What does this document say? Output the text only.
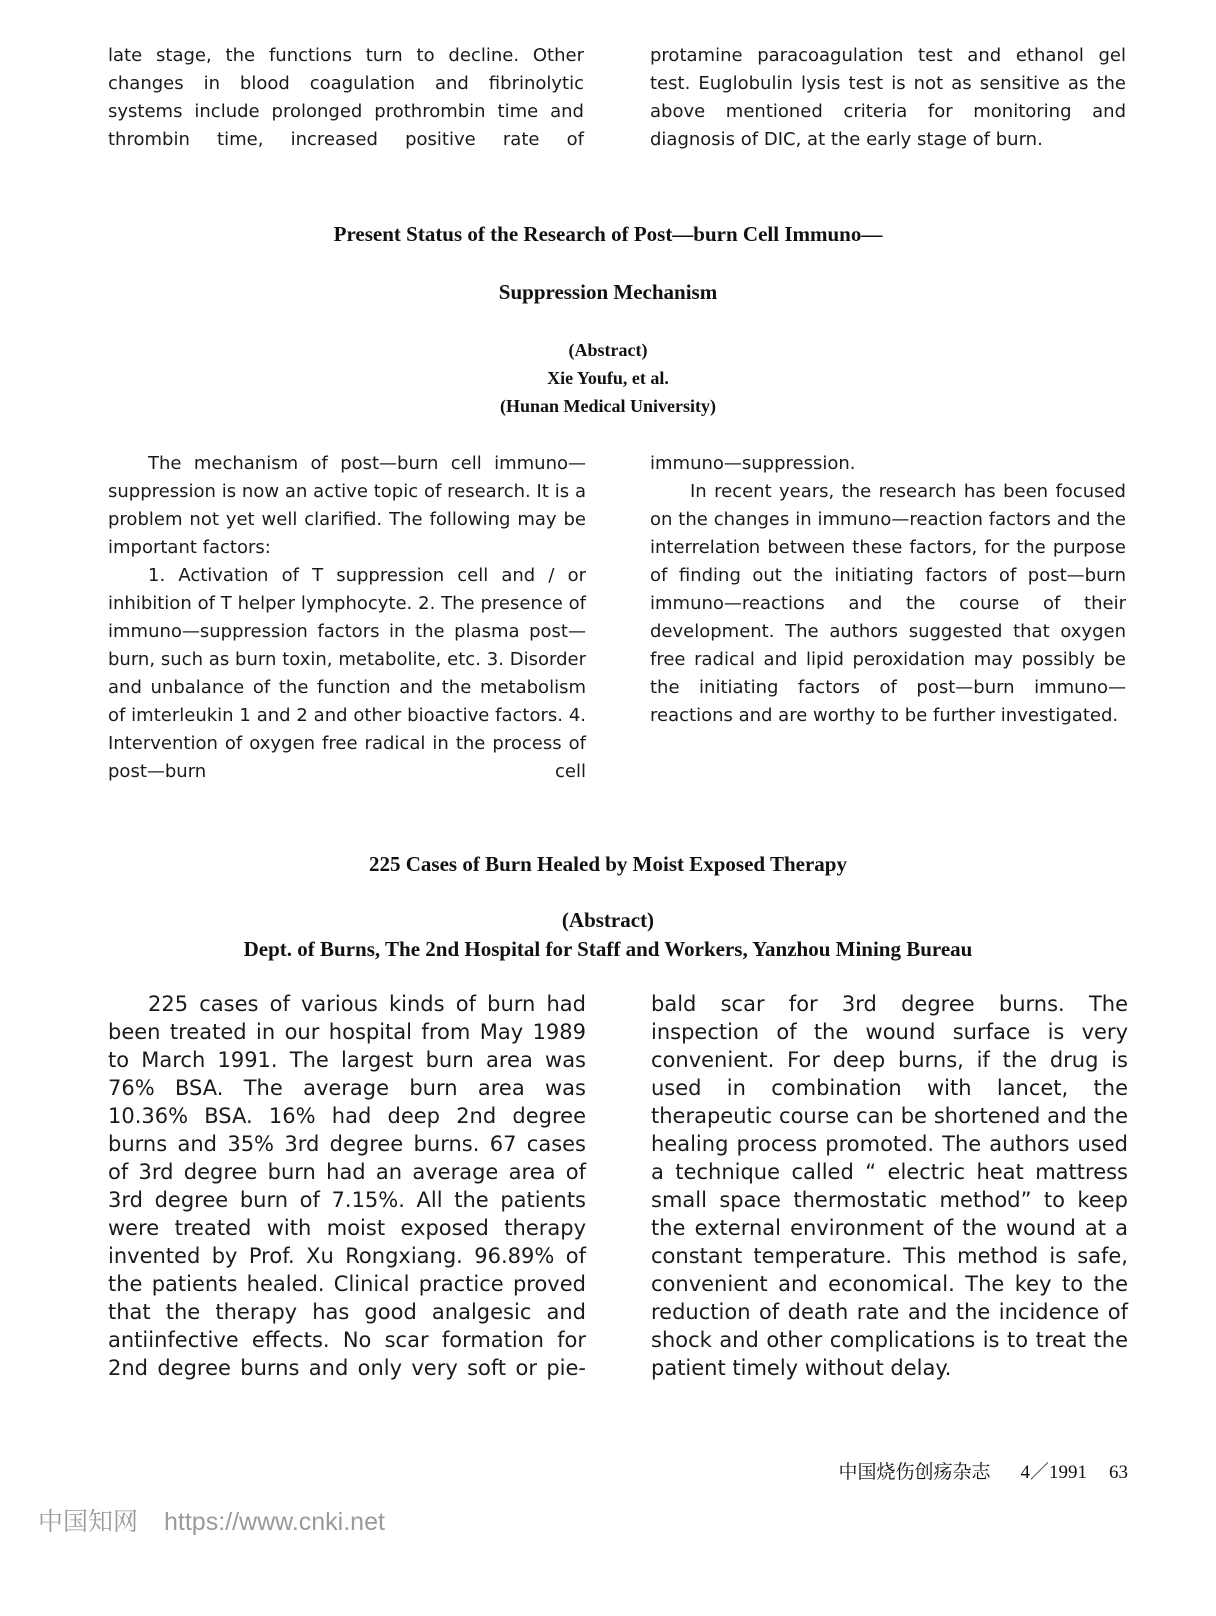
late stage, the functions turn to decline. Other changes in blood coagulation and fibrinolytic systems include prolonged prothrombin time and thrombin time, increased positive rate of

protamine paracoagulation test and ethanol gel test. Euglobulin lysis test is not as sensitive as the above mentioned criteria for monitoring and diagnosis of DIC, at the early stage of burn.

Present Status of the Research of Post—burn Cell Immuno—
Suppression Mechanism
(Abstract)
Xie Youfu, et al.
(Hunan Medical University)

The mechanism of post—burn cell immuno—suppression is now an active topic of research. It is a problem not yet well clarified. The following may be important factors:

1. Activation of T suppression cell and / or inhibition of T helper lymphocyte. 2. The presence of immuno—suppression factors in the plasma post—burn, such as burn toxin, metabolite, etc. 3. Disorder and unbalance of the function and the metabolism of imterleukin 1 and 2 and other bioactive factors. 4. Intervention of oxygen free radical in the process of post—burn cell

immuno—suppression.

In recent years, the research has been focused on the changes in immuno—reaction factors and the interrelation between these factors, for the purpose of finding out the initiating factors of post—burn immuno—reactions and the course of their development. The authors suggested that oxygen free radical and lipid peroxidation may possibly be the initiating factors of post—burn immuno—reactions and are worthy to be further investigated.

225 Cases of Burn Healed by Moist Exposed Therapy
(Abstract)
Dept. of Burns, The 2nd Hospital for Staff and Workers, Yanzhou Mining Bureau

225 cases of various kinds of burn had been treated in our hospital from May 1989 to March 1991. The largest burn area was 76% BSA. The average burn area was 10.36% BSA. 16% had deep 2nd degree burns and 35% 3rd degree burns. 67 cases of 3rd degree burn had an average area of 3rd degree burn of 7.15%. All the patients were treated with moist exposed therapy invented by Prof. Xu Rongxiang. 96.89% of the patients healed. Clinical practice proved that the therapy has good analgesic and antiinfective effects. No scar formation for 2nd degree burns and only very soft or pie-

bald scar for 3rd degree burns. The inspection of the wound surface is very convenient. For deep burns, if the drug is used in combination with lancet, the therapeutic course can be shortened and the healing process promoted. The authors used a technique called “ electric heat mattress small space thermostatic method” to keep the external environment of the wound at a constant temperature. This method is safe, convenient and economical. The key to the reduction of death rate and the incidence of shock and other complications is to treat the patient timely without delay.

中国烧伤创疡杂志 4／1991 63
中国知网 https://www.cnki.net
